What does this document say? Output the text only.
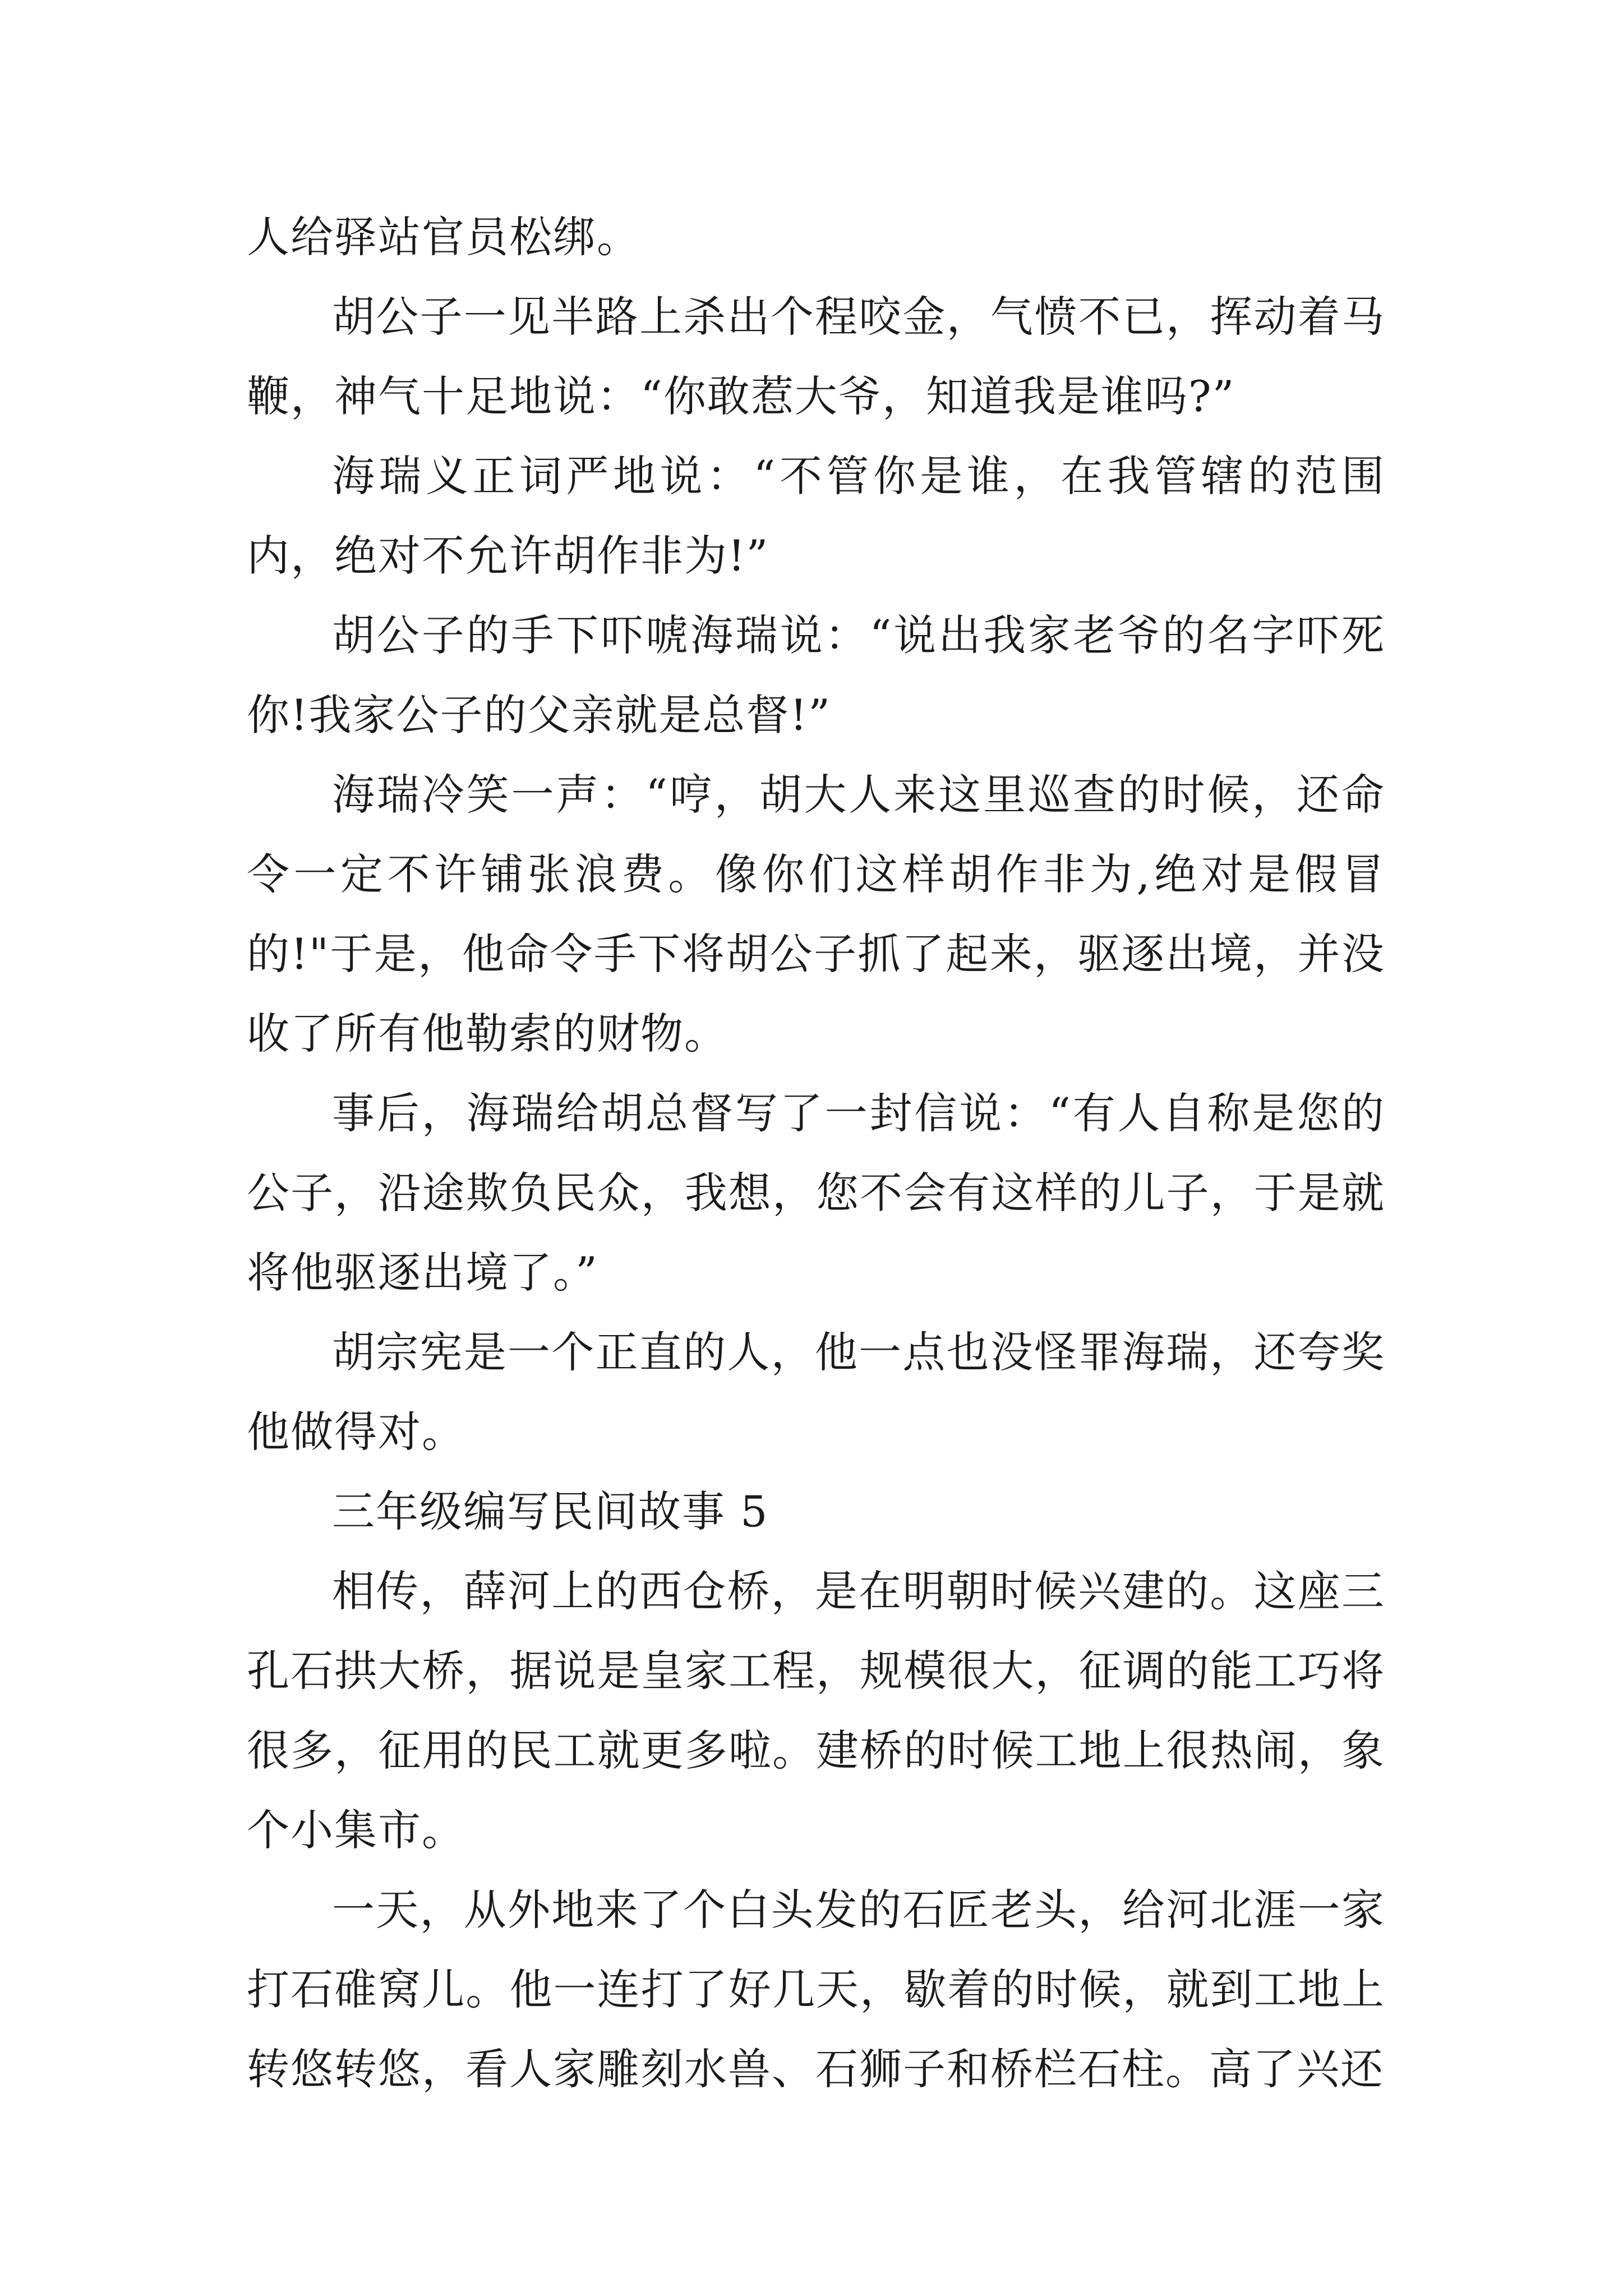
人给驿站官员松绑。

胡公子一见半路上杀出个程咬金，气愤不已，挥动着马鞭，神气十足地说：“你敢惹大爷，知道我是谁吗?”

海瑞义正词严地说：“不管你是谁，在我管辖的范围内，绝对不允许胡作非为!”

胡公子的手下吓唬海瑞说：“说出我家老爷的名字吓死你!我家公子的父亲就是总督!”

海瑞冷笑一声：“哼，胡大人来这里巡查的时候，还命令一定不许铺张浪费。像你们这样胡作非为,绝对是假冒的!"于是，他命令手下将胡公子抓了起来，驱逐出境，并没收了所有他勒索的财物。

事后，海瑞给胡总督写了一封信说：“有人自称是您的公子，沿途欺负民众，我想，您不会有这样的儿子，于是就将他驱逐出境了。”

胡宗宪是一个正直的人，他一点也没怪罪海瑞，还夸奖他做得对。

三年级编写民间故事 5

相传，薛河上的西仓桥，是在明朝时候兴建的。这座三孔石拱大桥，据说是皇家工程，规模很大，征调的能工巧将很多，征用的民工就更多啦。建桥的时候工地上很热闹，象个小集市。

一天，从外地来了个白头发的石匠老头，给河北涯一家打石碓窝儿。他一连打了好几天，歇着的时候，就到工地上转悠转悠，看人家雕刻水兽、石狮子和桥栏石柱。高了兴还
